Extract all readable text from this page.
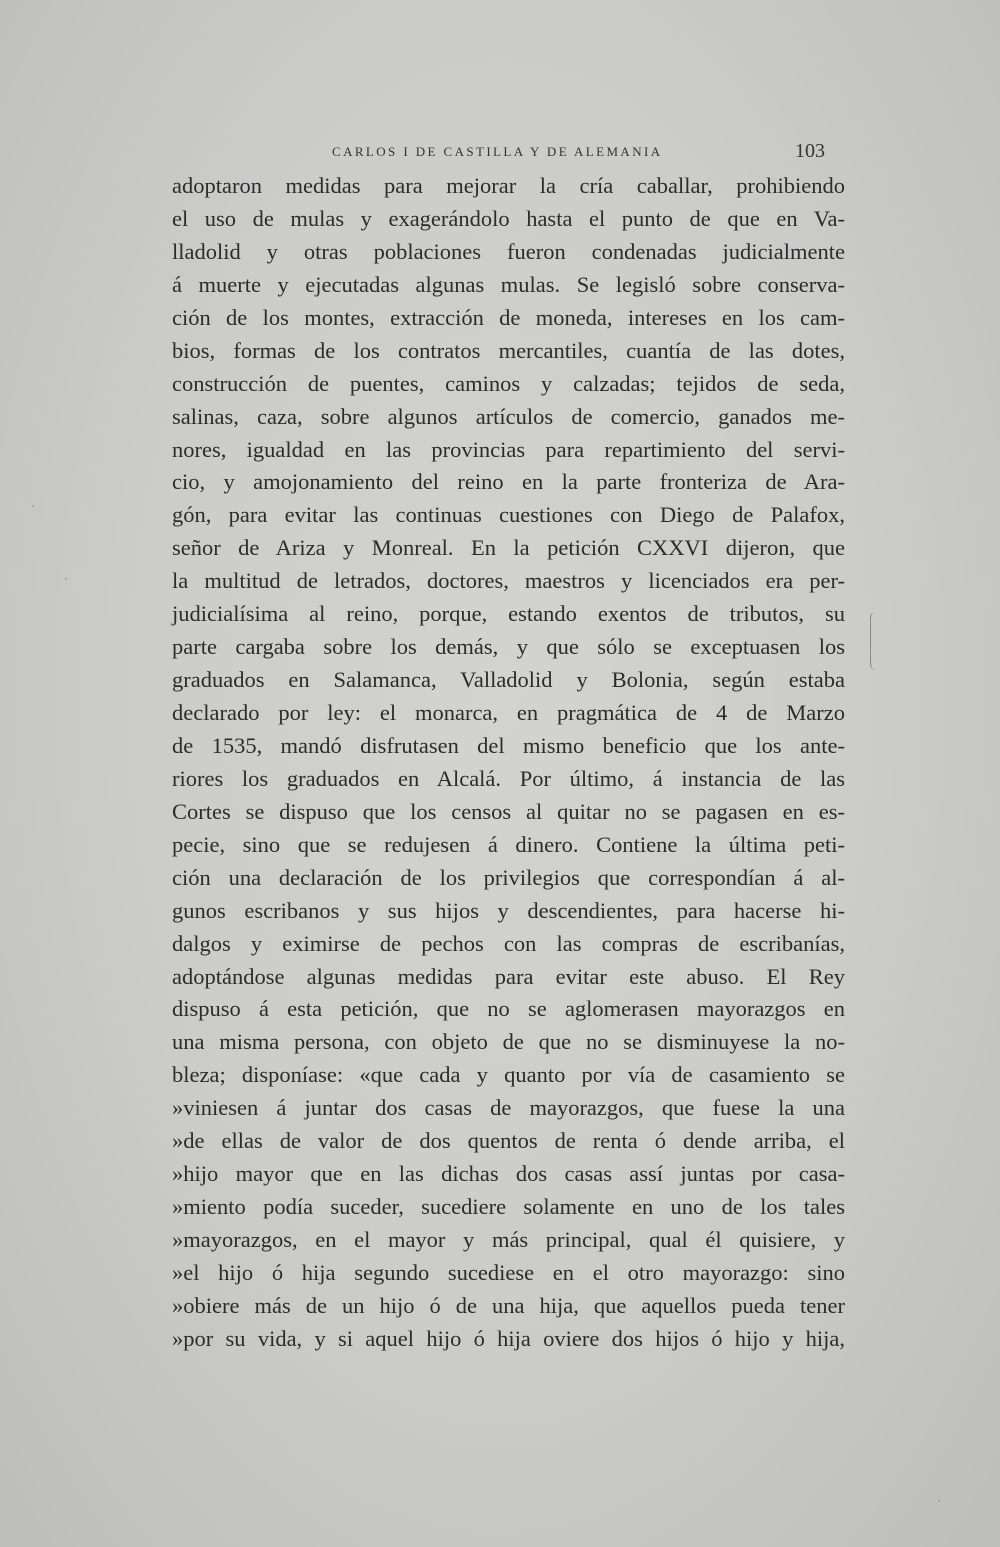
CARLOS I DE CASTILLA Y DE ALEMANIA	103
adoptaron medidas para mejorar la cría caballar, prohibiendo
el uso de mulas y exagerándolo hasta el punto de que en Va-
lladolid y otras poblaciones fueron condenadas judicialmente
á muerte y ejecutadas algunas mulas. Se legisló sobre conserva-
ción de los montes, extracción de moneda, intereses en los cam-
bios, formas de los contratos mercantiles, cuantía de las dotes,
construcción de puentes, caminos y calzadas; tejidos de seda,
salinas, caza, sobre algunos artículos de comercio, ganados me-
nores, igualdad en las provincias para repartimiento del servi-
cio, y amojonamiento del reino en la parte fronteriza de Ara-
gón, para evitar las continuas cuestiones con Diego de Palafox,
señor de Ariza y Monreal. En la petición CXXVI dijeron, que
la multitud de letrados, doctores, maestros y licenciados era per-
judicialísima al reino, porque, estando exentos de tributos, su
parte cargaba sobre los demás, y que sólo se exceptuasen los
graduados en Salamanca, Valladolid y Bolonia, según estaba
declarado por ley: el monarca, en pragmática de 4 de Marzo
de 1535, mandó disfrutasen del mismo beneficio que los ante-
riores los graduados en Alcalá. Por último, á instancia de las
Cortes se dispuso que los censos al quitar no se pagasen en es-
pecie, sino que se redujesen á dinero. Contiene la última peti-
ción una declaración de los privilegios que correspondían á al-
gunos escribanos y sus hijos y descendientes, para hacerse hi-
dalgos y eximirse de pechos con las compras de escribanías,
adoptándose algunas medidas para evitar este abuso. El Rey
dispuso á esta petición, que no se aglomerasen mayorazgos en
una misma persona, con objeto de que no se disminuyese la no-
bleza; disponíase: «que cada y quanto por vía de casamiento se
»viniesen á juntar dos casas de mayorazgos, que fuese la una
»de ellas de valor de dos quentos de renta ó dende arriba, el
»hijo mayor que en las dichas dos casas assí juntas por casa-
»miento podía suceder, sucediere solamente en uno de los tales
»mayorazgos, en el mayor y más principal, qual él quisiere, y
»el hijo ó hija segundo sucediese en el otro mayorazgo: sino
»obiere más de un hijo ó de una hija, que aquellos pueda tener
»por su vida, y si aquel hijo ó hija oviere dos hijos ó hijo y hija,
